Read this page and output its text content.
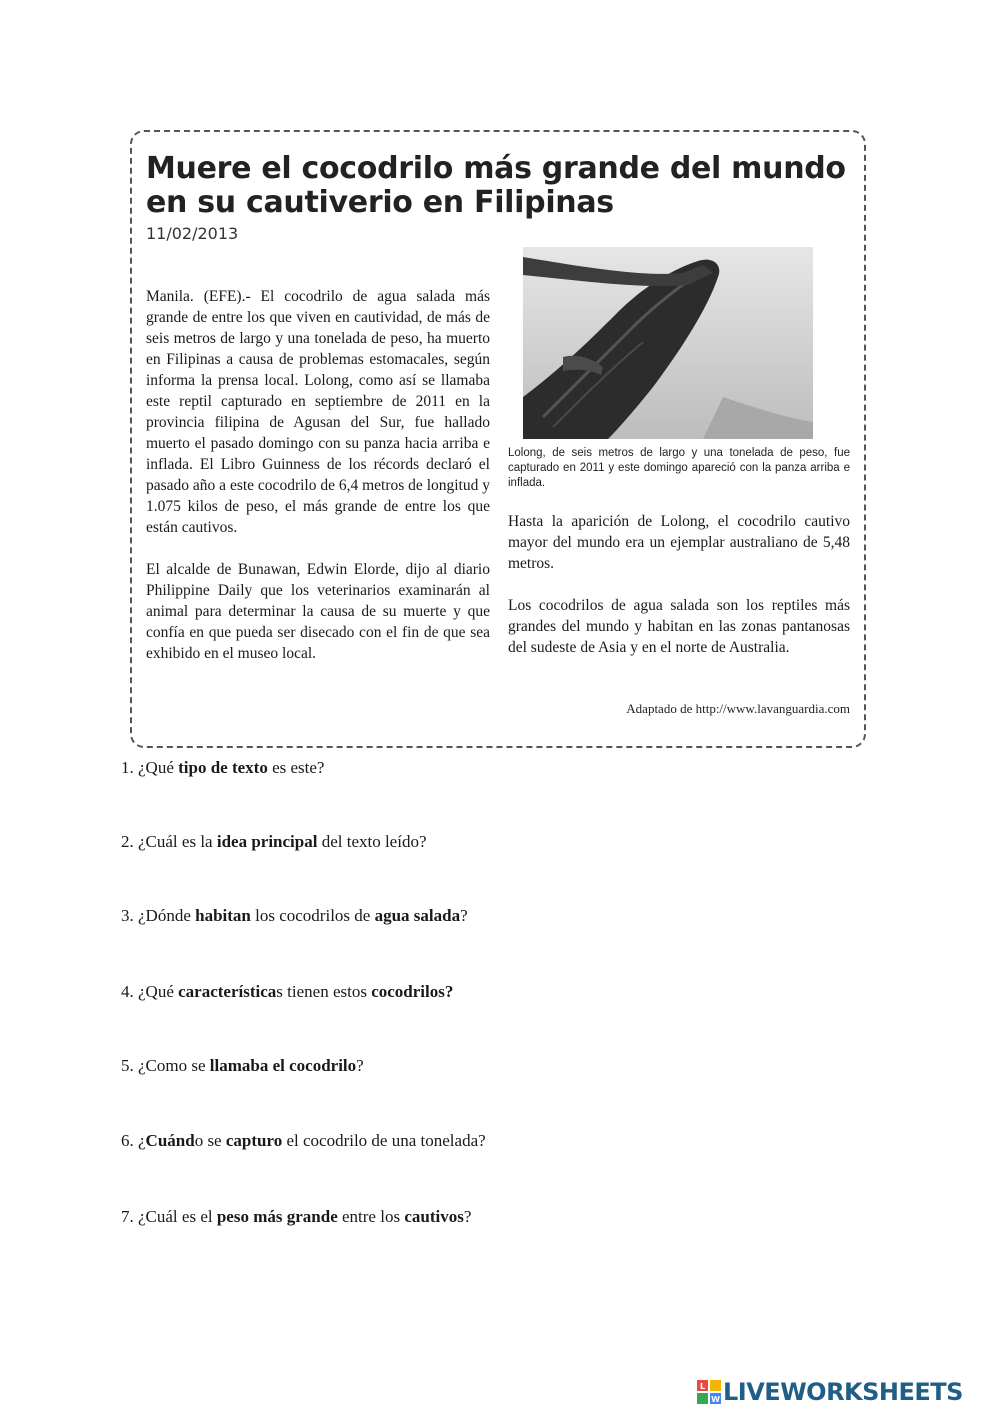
Muere el cocodrilo más grande del mundo en su cautiverio en Filipinas
11/02/2013

Manila. (EFE).- El cocodrilo de agua salada más grande de entre los que viven en cautividad, de más de seis metros de largo y una tonelada de peso, ha muerto en Filipinas a causa de problemas estomacales, según informa la prensa local. Lolong, como así se llamaba este reptil capturado en septiembre de 2011 en la provincia filipina de Agusan del Sur, fue hallado muerto el pasado domingo con su panza hacia arriba e inflada. El Libro Guinness de los récords declaró el pasado año a este cocodrilo de 6,4 metros de longitud y 1.075 kilos de peso, el más grande de entre los que están cautivos.

El alcalde de Bunawan, Edwin Elorde, dijo al diario Philippine Daily que los veterinarios examinarán al animal para determinar la causa de su muerte y que confía en que pueda ser disecado con el fin de que sea exhibido en el museo local.

Lolong, de seis metros de largo y una tonelada de peso, fue capturado en 2011 y este domingo apareció con la panza arriba e inflada.

Hasta la aparición de Lolong, el cocodrilo cautivo mayor del mundo era un ejemplar australiano de 5,48 metros.

Los cocodrilos de agua salada son los reptiles más grandes del mundo y habitan en las zonas pantanosas del sudeste de Asia y en el norte de Australia.

Adaptado de http://www.lavanguardia.com

1. ¿Qué tipo de texto es este?

2. ¿Cuál es la idea principal del texto leído?

3. ¿Dónde habitan los cocodrilos de agua salada?

4. ¿Qué características tienen estos cocodrilos?

5. ¿Como se llamaba el cocodrilo?

6. ¿Cuándo se capturo el cocodrilo de una tonelada?

7. ¿Cuál es el peso más grande entre los cautivos?

L
W LIVEWORKSHEETS
